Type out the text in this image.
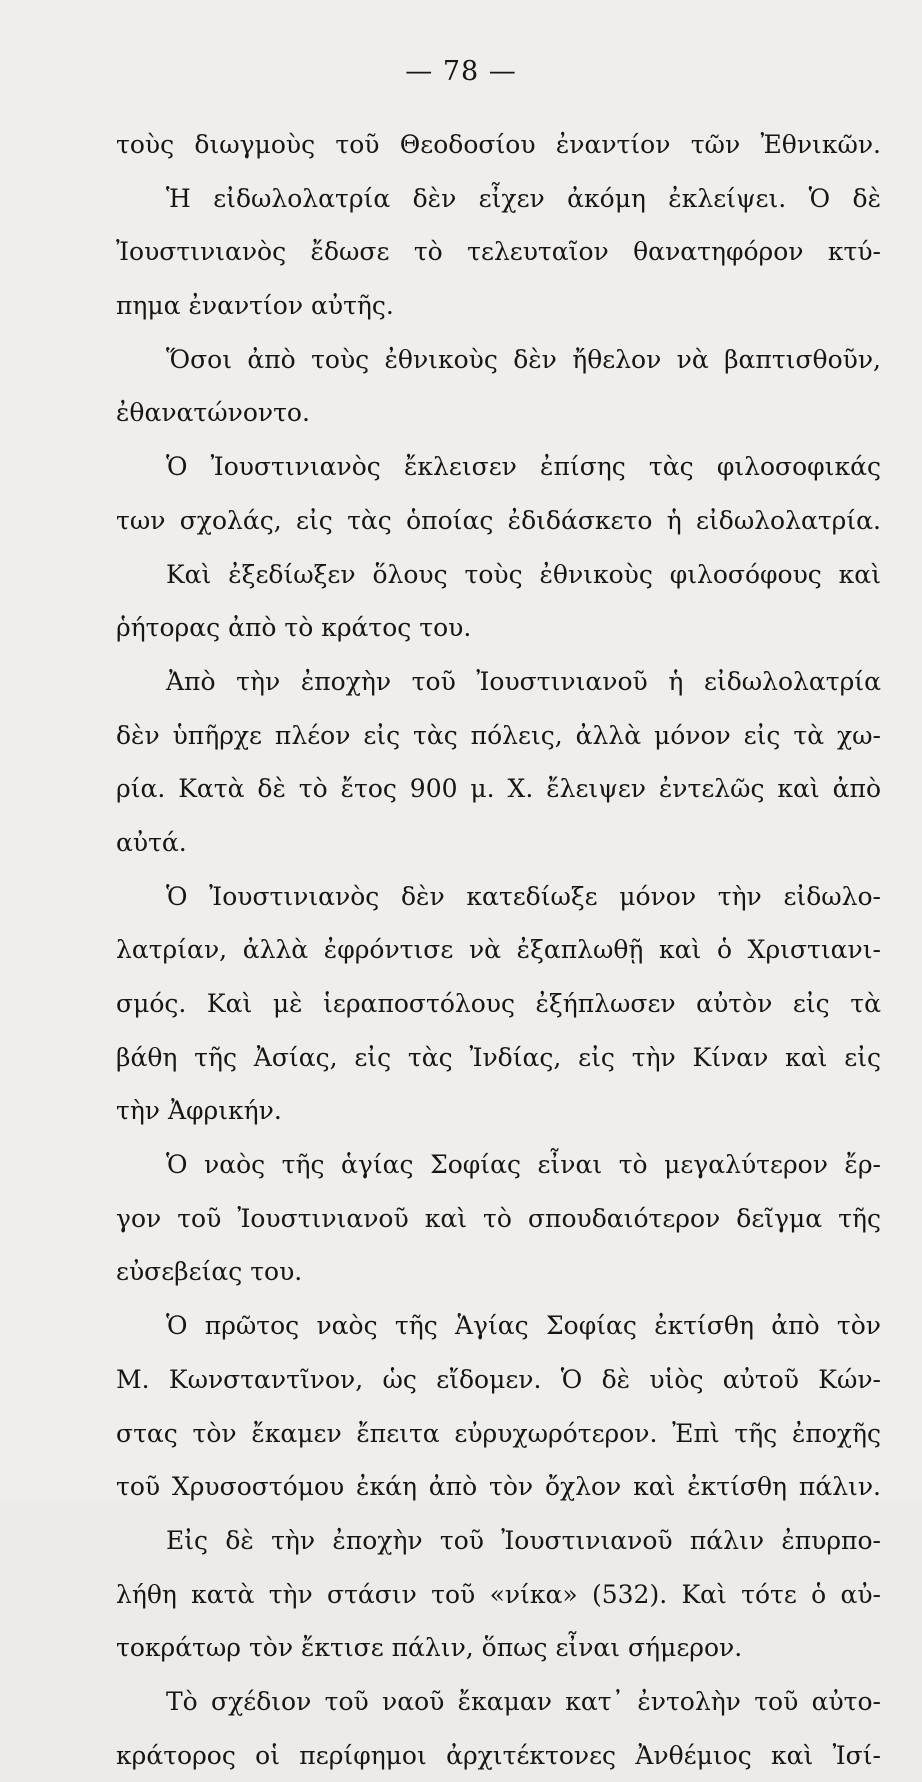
— 78 —
τοὺς διωγμοὺς τοῦ Θεοδοσίου ἐναντίον τῶν Ἐθνικῶν.
Ἡ εἰδωλολατρία δὲν εἶχεν ἀκόμη ἐκλείψει. Ὁ δὲ
Ἰουστινιανὸς ἔδωσε τὸ τελευταῖον θανατηφόρον κτύ-
πημα ἐναντίον αὐτῆς.
Ὅσοι ἀπὸ τοὺς ἐθνικοὺς δὲν ἤθελον νὰ βαπτισθοῦν,
ἐθανατώνοντο.
Ὁ Ἰουστινιανὸς ἔκλεισεν ἐπίσης τὰς φιλοσοφικάς
των σχολάς, εἰς τὰς ὁποίας ἐδιδάσκετο ἡ εἰδωλολατρία.
Καὶ ἐξεδίωξεν ὅλους τοὺς ἐθνικοὺς φιλοσόφους καὶ
ῥήτορας ἀπὸ τὸ κράτος του.
Ἀπὸ τὴν ἐποχὴν τοῦ Ἰουστινιανοῦ ἡ εἰδωλολατρία
δὲν ὑπῆρχε πλέον εἰς τὰς πόλεις, ἀλλὰ μόνον εἰς τὰ χω-
ρία. Κατὰ δὲ τὸ ἔτος 900 μ. Χ. ἔλειψεν ἐντελῶς καὶ ἀπὸ
αὐτά.
Ὁ Ἰουστινιανὸς δὲν κατεδίωξε μόνον τὴν εἰδωλο-
λατρίαν, ἀλλὰ ἐφρόντισε νὰ ἐξαπλωθῇ καὶ ὁ Χριστιανι-
σμός. Καὶ μὲ ἱεραποστόλους ἐξήπλωσεν αὐτὸν εἰς τὰ
βάθη τῆς Ἀσίας, εἰς τὰς Ἰνδίας, εἰς τὴν Κίναν καὶ εἰς
τὴν Ἀφρικήν.
Ὁ ναὸς τῆς ἁγίας Σοφίας εἶναι τὸ μεγαλύτερον ἔρ-
γον τοῦ Ἰουστινιανοῦ καὶ τὸ σπουδαιότερον δεῖγμα τῆς
εὐσεβείας του.
Ὁ πρῶτος ναὸς τῆς Ἁγίας Σοφίας ἐκτίσθη ἀπὸ τὸν
Μ. Κωνσταντῖνον, ὡς εἴδομεν. Ὁ δὲ υἱὸς αὐτοῦ Κών-
στας τὸν ἔκαμεν ἔπειτα εὐρυχωρότερον. Ἐπὶ τῆς ἐποχῆς
τοῦ Χρυσοστόμου ἐκάη ἀπὸ τὸν ὄχλον καὶ ἐκτίσθη πάλιν.
Εἰς δὲ τὴν ἐποχὴν τοῦ Ἰουστινιανοῦ πάλιν ἐπυρπο-
λήθη κατὰ τὴν στάσιν τοῦ «νίκα» (532). Καὶ τότε ὁ αὐ-
τοκράτωρ τὸν ἔκτισε πάλιν, ὅπως εἶναι σήμερον.
Τὸ σχέδιον τοῦ ναοῦ ἔκαμαν κατ᾿ ἐντολὴν τοῦ αὐτο-
κράτορος οἱ περίφημοι ἀρχιτέκτονες Ἀνθέμιος καὶ Ἰσί-
